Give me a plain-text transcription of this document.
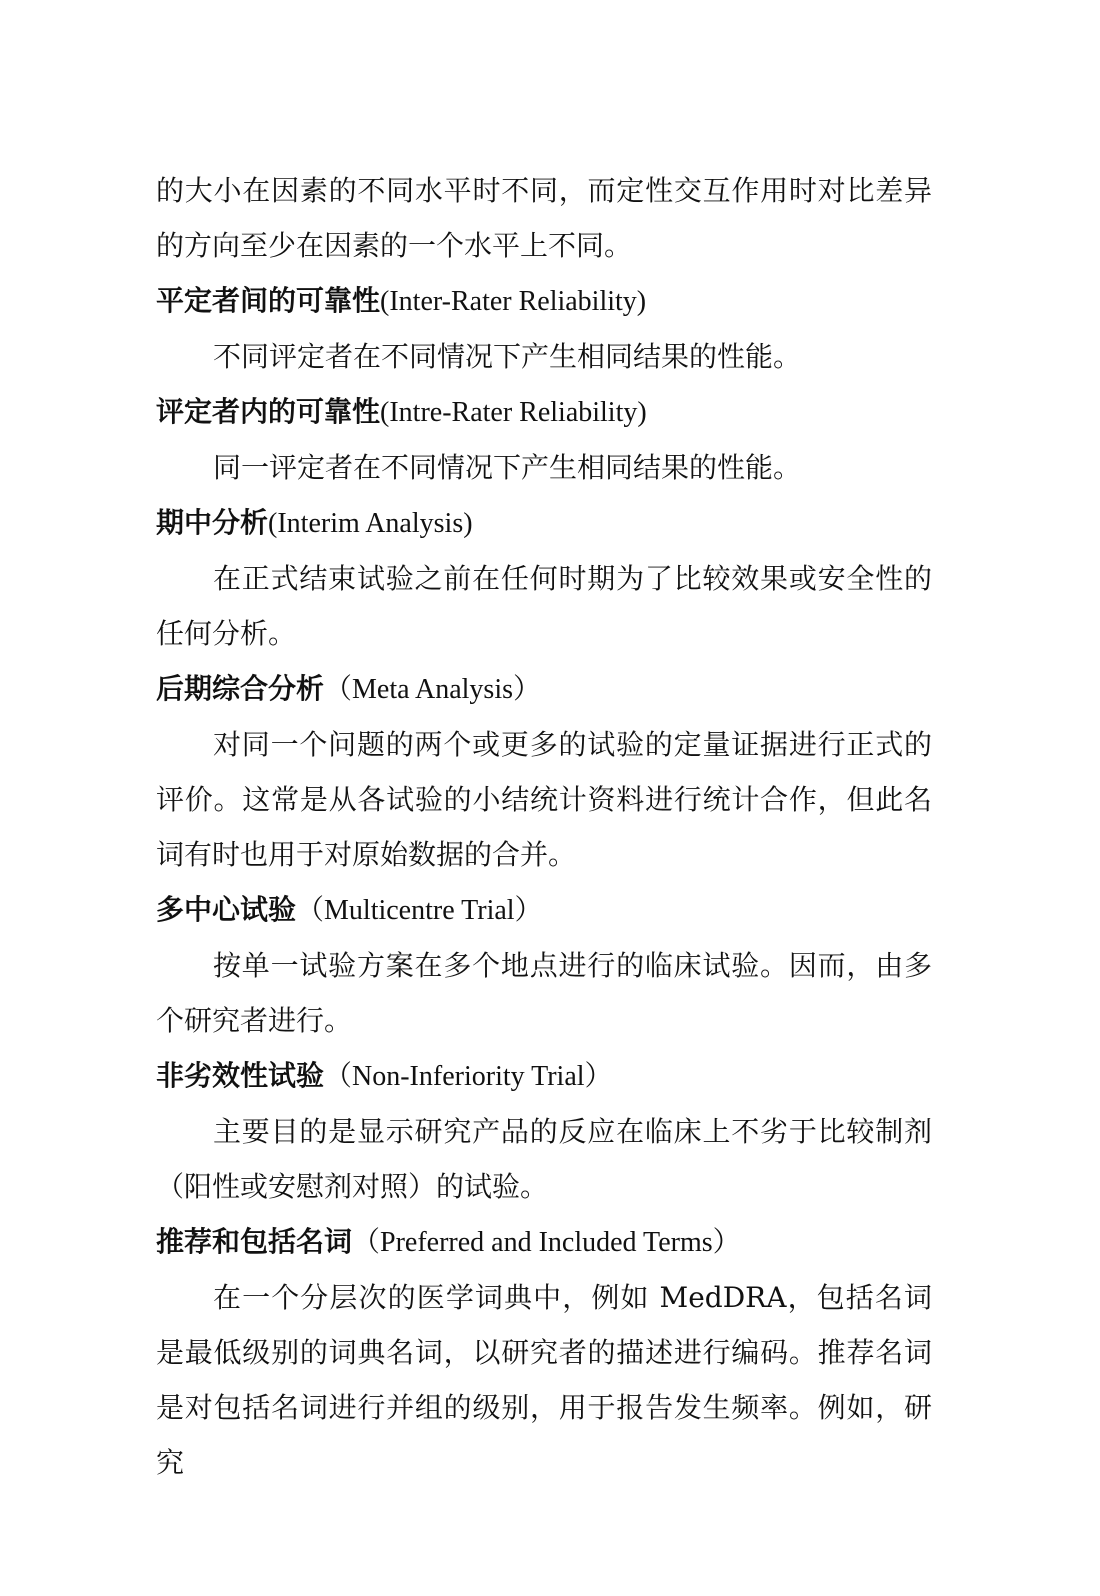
的大小在因素的不同水平时不同，而定性交互作用时对比差异的方向至少在因素的一个水平上不同。

平定者间的可靠性(Inter-Rater Reliability)

不同评定者在不同情况下产生相同结果的性能。

评定者内的可靠性(Intre-Rater Reliability)

同一评定者在不同情况下产生相同结果的性能。

期中分析(Interim Analysis)

在正式结束试验之前在任何时期为了比较效果或安全性的任何分析。

后期综合分析（Meta Analysis）

对同一个问题的两个或更多的试验的定量证据进行正式的评价。这常是从各试验的小结统计资料进行统计合作，但此名词有时也用于对原始数据的合并。

多中心试验（Multicentre Trial）

按单一试验方案在多个地点进行的临床试验。因而，由多个研究者进行。

非劣效性试验（Non-Inferiority Trial）

主要目的是显示研究产品的反应在临床上不劣于比较制剂（阳性或安慰剂对照）的试验。

推荐和包括名词（Preferred and Included Terms）

在一个分层次的医学词典中，例如 MedDRA，包括名词是最低级别的词典名词，以研究者的描述进行编码。推荐名词是对包括名词进行并组的级别，用于报告发生频率。例如，研究
